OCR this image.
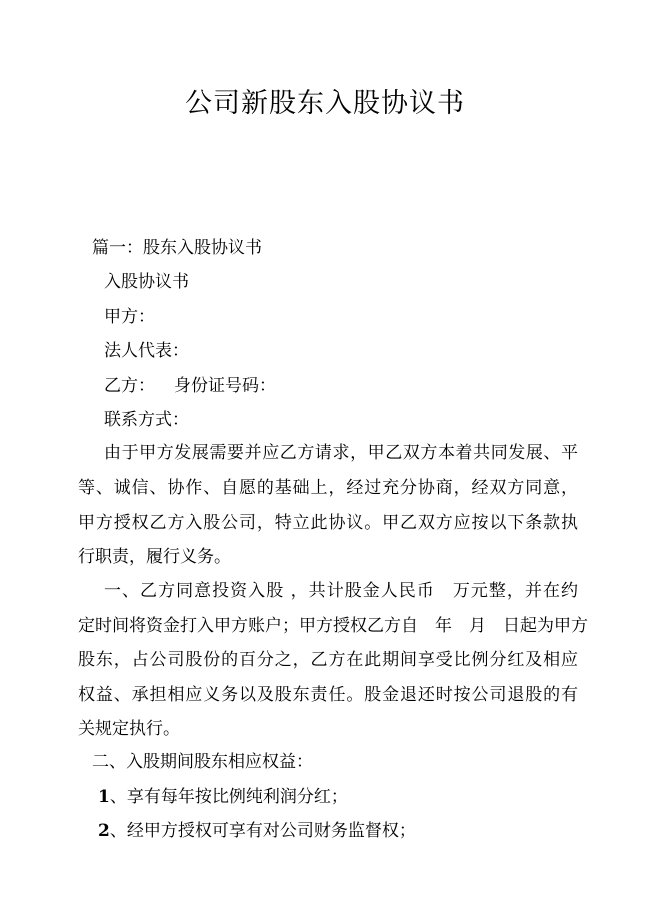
公司新股东入股协议书
篇一：股东入股协议书
入股协议书
甲方：
法人代表：
乙方： 身份证号码：
联系方式：
由于甲方发展需要并应乙方请求，甲乙双方本着共同发展、平
等、诚信、协作、自愿的基础上，经过充分协商，经双方同意，
甲方授权乙方入股公司，特立此协议。甲乙双方应按以下条款执
行职责，履行义务。
一、乙方同意投资入股 ，共计股金人民币　万元整，并在约
定时间将资金打入甲方账户；甲方授权乙方自　年　月　日起为甲方
股东，占公司股份的百分之，乙方在此期间享受比例分红及相应
权益、承担相应义务以及股东责任。股金退还时按公司退股的有
关规定执行。
二、入股期间股东相应权益：
1、享有每年按比例纯利润分红；
2、经甲方授权可享有对公司财务监督权；
